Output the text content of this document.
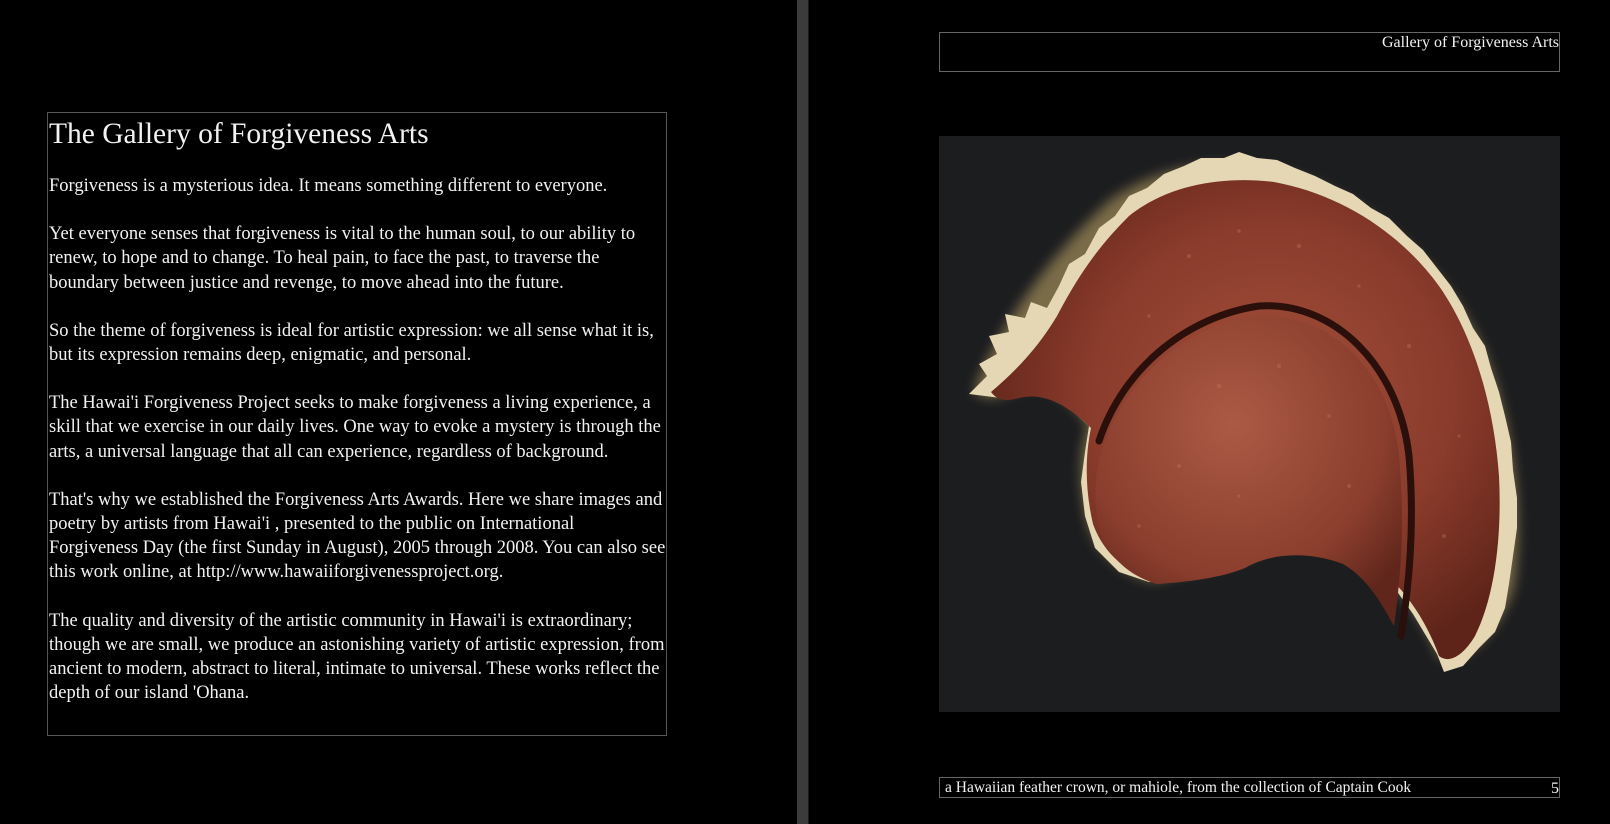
The Gallery of Forgiveness Arts

Forgiveness is a mysterious idea. It means something different to everyone.

Yet everyone senses that forgiveness is vital to the human soul, to our ability to renew, to hope and to change. To heal pain, to face the past, to traverse the boundary between justice and revenge, to move ahead into the future.

So the theme of forgiveness is ideal for artistic expression: we all sense what it is, but its expression remains deep, enigmatic, and personal.

The Hawai'i Forgiveness Project seeks to make forgiveness a living experience, a skill that we exercise in our daily lives. One way to evoke a mystery is through the arts, a universal language that all can experience, regardless of background.

That's why we established the Forgiveness Arts Awards. Here we share images and poetry by artists from Hawai'i , presented to the public on International Forgiveness Day (the first Sunday in August), 2005 through 2008. You can also see this work online, at http://www.hawaiiforgivenessproject.org.

The quality and diversity of the artistic community in Hawai'i is extraordinary; though we are small, we produce an astonishing variety of artistic expression, from ancient to modern, abstract to literal, intimate to universal. These works reflect the depth of our island 'Ohana.

Gallery of Forgiveness Arts
a Hawaiian feather crown, or mahiole, from the collection of Captain Cook	5
